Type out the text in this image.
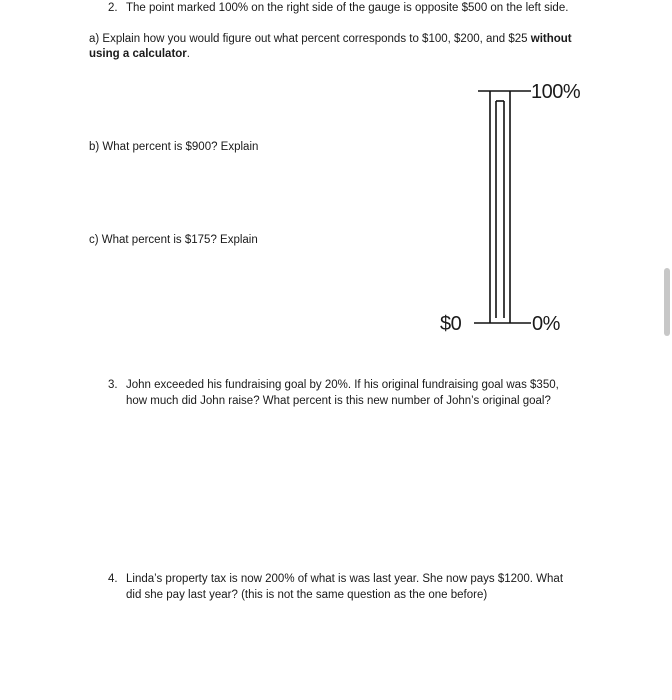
2. The point marked 100% on the right side of the gauge is opposite $500 on the left side.
a) Explain how you would figure out what percent corresponds to $100, $200, and $25 without
using a calculator.
b) What percent is $900? Explain
c) What percent is $175? Explain
100%
0%
$0
3. John exceeded his fundraising goal by 20%. If his original fundraising goal was $350,
how much did John raise? What percent is this new number of John’s original goal?
4. Linda’s property tax is now 200% of what is was last year. She now pays $1200. What
did she pay last year? (this is not the same question as the one before)
